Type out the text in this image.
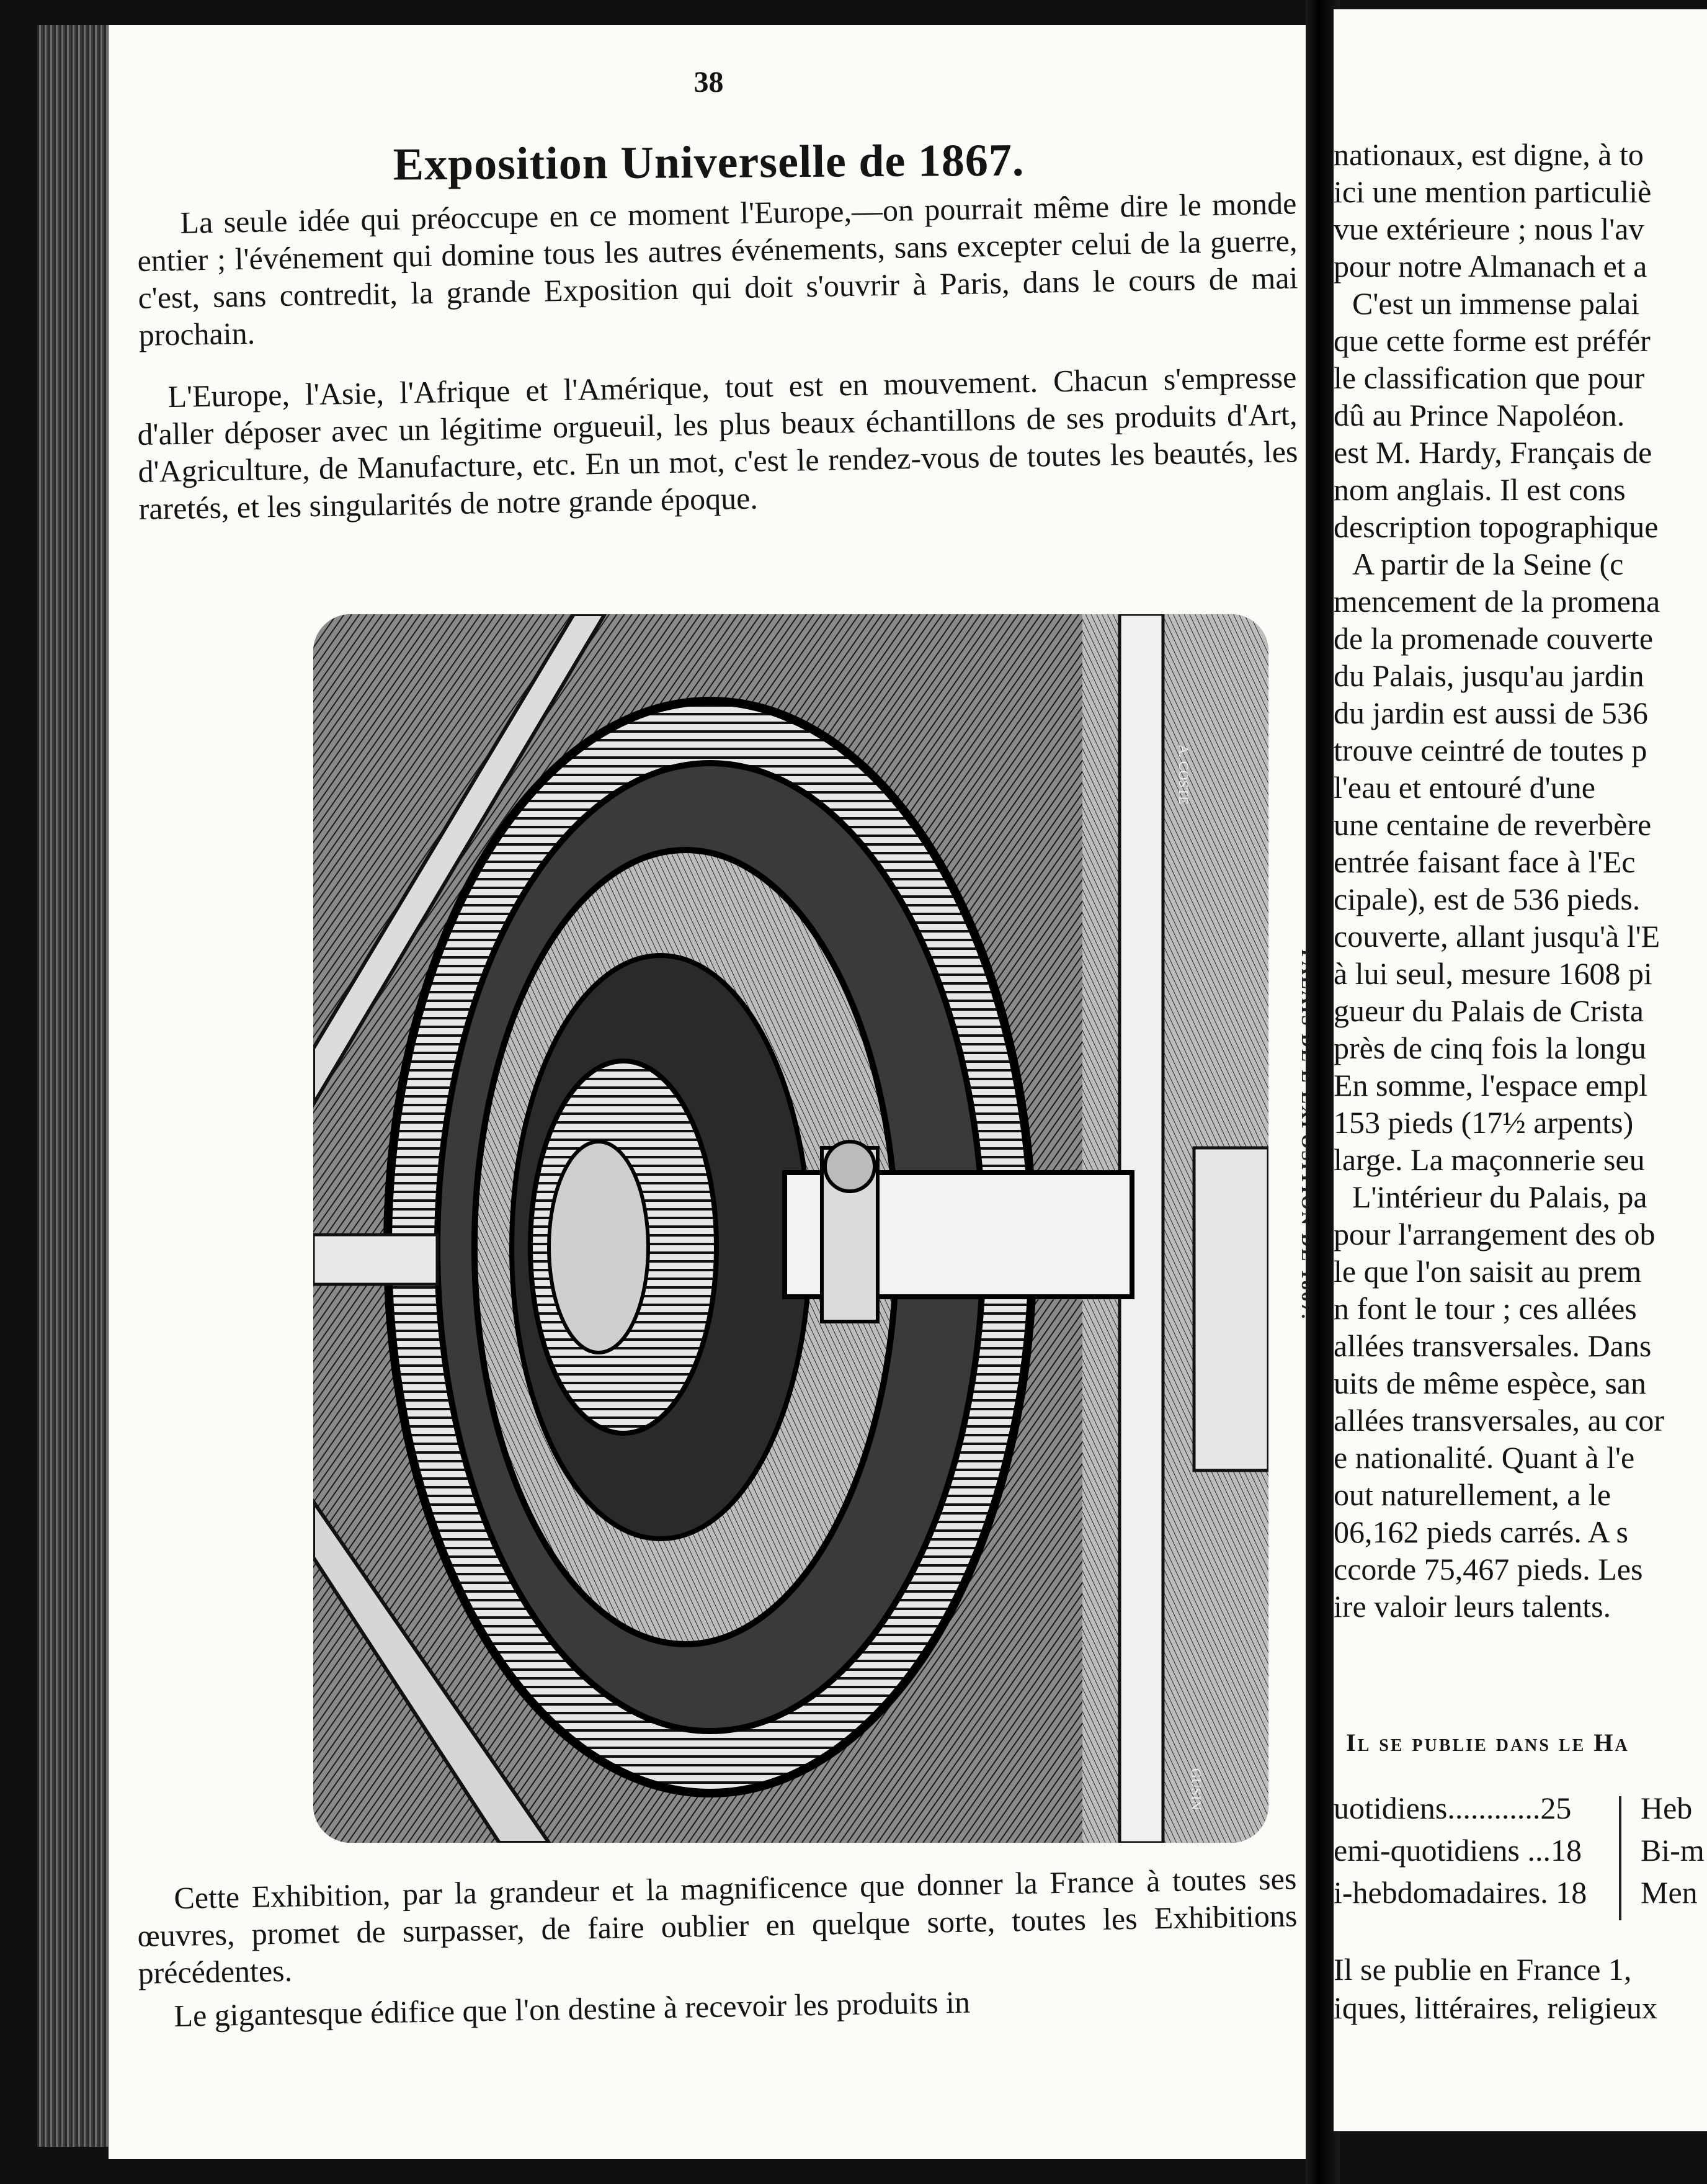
38
Exposition Universelle de 1867.
La seule idée qui préoccupe en ce moment l'Europe,—on pourrait même dire le monde entier ; l'événement qui domine tous les autres événements, sans excepter celui de la guerre, c'est, sans contredit, la grande Exposition qui doit s'ouvrir à Paris, dans le cours de mai prochain.
L'Europe, l'Asie, l'Afrique et l'Amérique, tout est en mouvement. Chacun s'empresse d'aller déposer avec un légitime orgueuil, les plus beaux échantillons de ses produits d'Art, d'Agriculture, de Manufacture, etc. En un mot, c'est le rendez-vous de toutes les beautés, les raretés, et les singularités de notre grande époque.
A. COSTE
GUSIN
Cette Exhibition, par la grandeur et la magnificence que donner la France à toutes ses œuvres, promet de surpasser, de faire oublier en quelque sorte, toutes les Exhibitions précédentes.
Le gigantesque édifice que l'on destine à recevoir les produits in
nationaux, est digne, à to
ici une mention particuliè
vue extérieure ; nous l'av
pour notre Almanach et a
C'est un immense palai
que cette forme est préfér
le classification que pour
dû au Prince Napoléon.
est M. Hardy, Français de
nom anglais. Il est cons
description topographique
A partir de la Seine (c
mencement de la promena
de la promenade couverte
du Palais, jusqu'au jardin
du jardin est aussi de 536
trouve ceintré de toutes p
l'eau et entouré d'une
une centaine de reverbère
entrée faisant face à l'Ec
cipale), est de 536 pieds.
couverte, allant jusqu'à l'E
à lui seul, mesure 1608 pi
gueur du Palais de Crista
près de cinq fois la longu
En somme, l'espace empl
153 pieds (17½ arpents)
large. La maçonnerie seu
L'intérieur du Palais, pa
pour l'arrangement des ob
le que l'on saisit au prem
n font le tour ; ces allées
allées transversales. Dans
uits de même espèce, san
allées transversales, au cor
e nationalité. Quant à l'e
out naturellement, a le
06,162 pieds carrés. A s
ccorde 75,467 pieds. Les
ire valoir leurs talents.
Il se publie dans le Ha
uotidiens............25 Heb
emi-quotidiens ...18 Bi-m
i-hebdomadaires. 18 Men
Il se publie en France 1,
iques, littéraires, religieux
